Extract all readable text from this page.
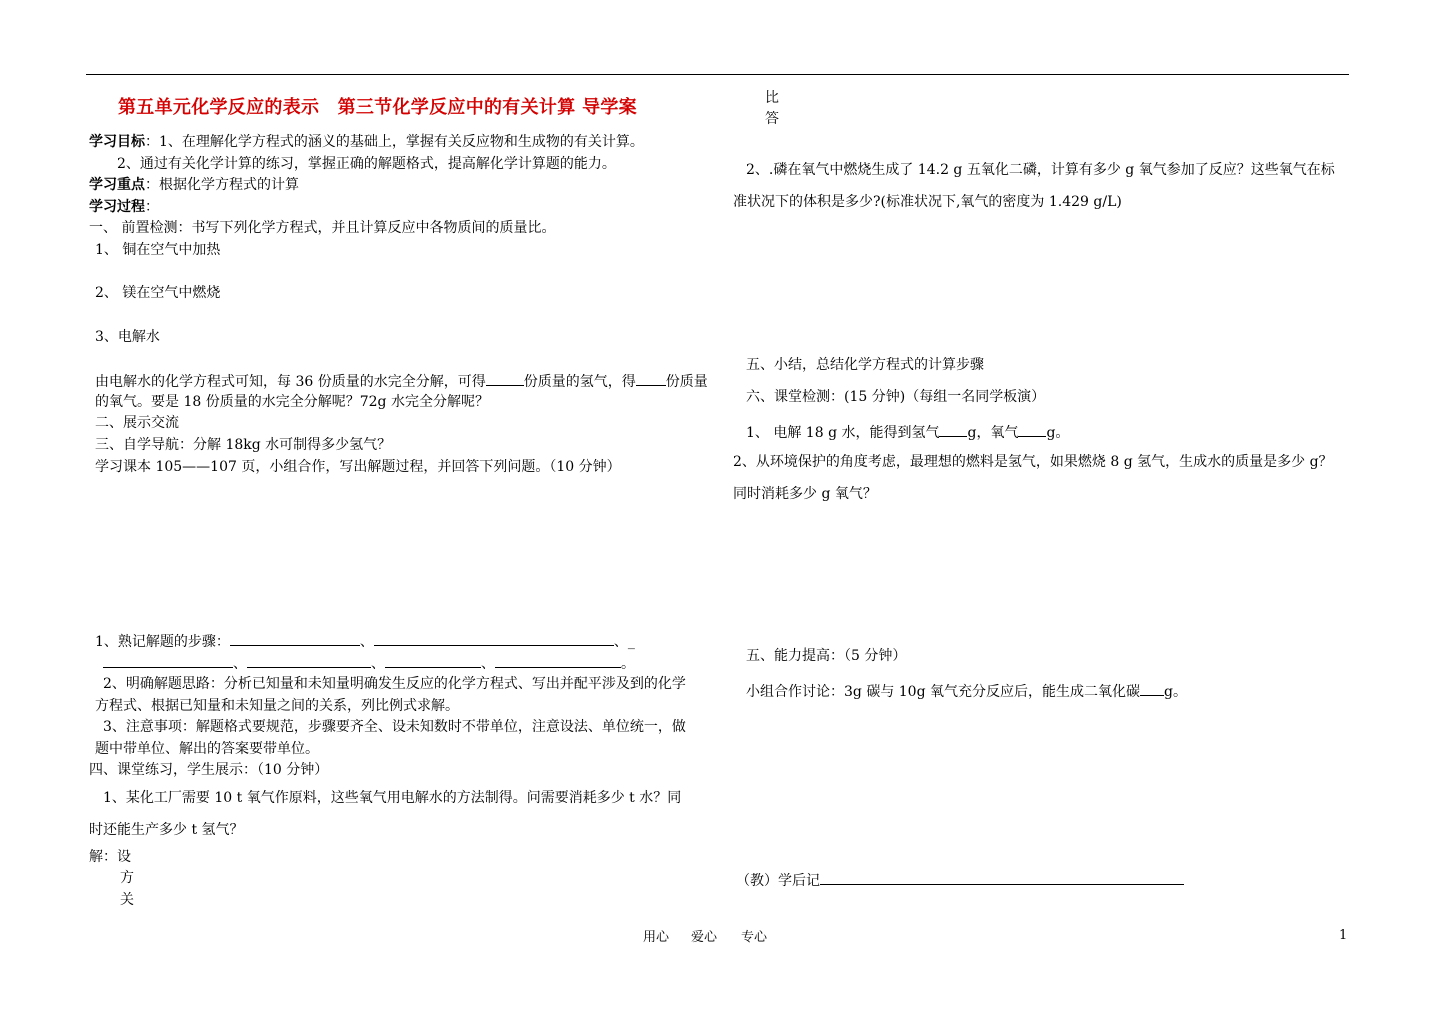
第五单元化学反应的表示　第三节化学反应中的有关计算 导学案
学习目标：1、在理解化学方程式的涵义的基础上，掌握有关反应物和生成物的有关计算。
2、通过有关化学计算的练习，掌握正确的解题格式，提高解化学计算题的能力。
学习重点：根据化学方程式的计算
学习过程：
一、 前置检测：书写下列化学方程式，并且计算反应中各物质间的质量比。
1、 铜在空气中加热
2、 镁在空气中燃烧
3、电解水
由电解水的化学方程式可知，每 36 份质量的水完全分解，可得	份质量的氢气，得 份质量
的氧气。要是 18 份质量的水完全分解呢？72g 水完全分解呢？
二、展示交流
三、自学导航：分解 18kg 水可制得多少氢气？
学习课本 105——107 页，小组合作，写出解题过程，并回答下列问题。（10 分钟）
1、熟记解题的步骤：	、	、_
、	、	、	。
2、明确解题思路：分析已知量和未知量明确发生反应的化学方程式、写出并配平涉及到的化学
方程式、根据已知量和未知量之间的关系，列比例式求解。
3、注意事项：解题格式要规范，步骤要齐全、设未知数时不带单位，注意设法、单位统一，做
题中带单位、解出的答案要带单位。
四、课堂练习，学生展示：（10 分钟）
1、某化工厂需要 10 t 氧气作原料，这些氧气用电解水的方法制得。问需要消耗多少 t 水？同
时还能生产多少 t 氢气？
解：设
方
关
比
答
2、.磷在氧气中燃烧生成了 14.2 g 五氧化二磷，计算有多少 g 氧气参加了反应？这些氧气在标
准状况下的体积是多少?(标准状况下,氧气的密度为 1.429 g/L)
五、小结，总结化学方程式的计算步骤
六、课堂检测：(15 分钟)（每组一名同学板演）
1、 电解 18 g 水，能得到氢气 g，氧气 g。
2、从环境保护的角度考虑，最理想的燃料是氢气，如果燃烧 8 g 氢气，生成水的质量是多少 g？
同时消耗多少 g 氧气？
五、能力提高：（5 分钟）
小组合作讨论：3g 碳与 10g 氧气充分反应后，能生成二氧化碳 g。
（教）学后记
用心 爱心 专心	1
